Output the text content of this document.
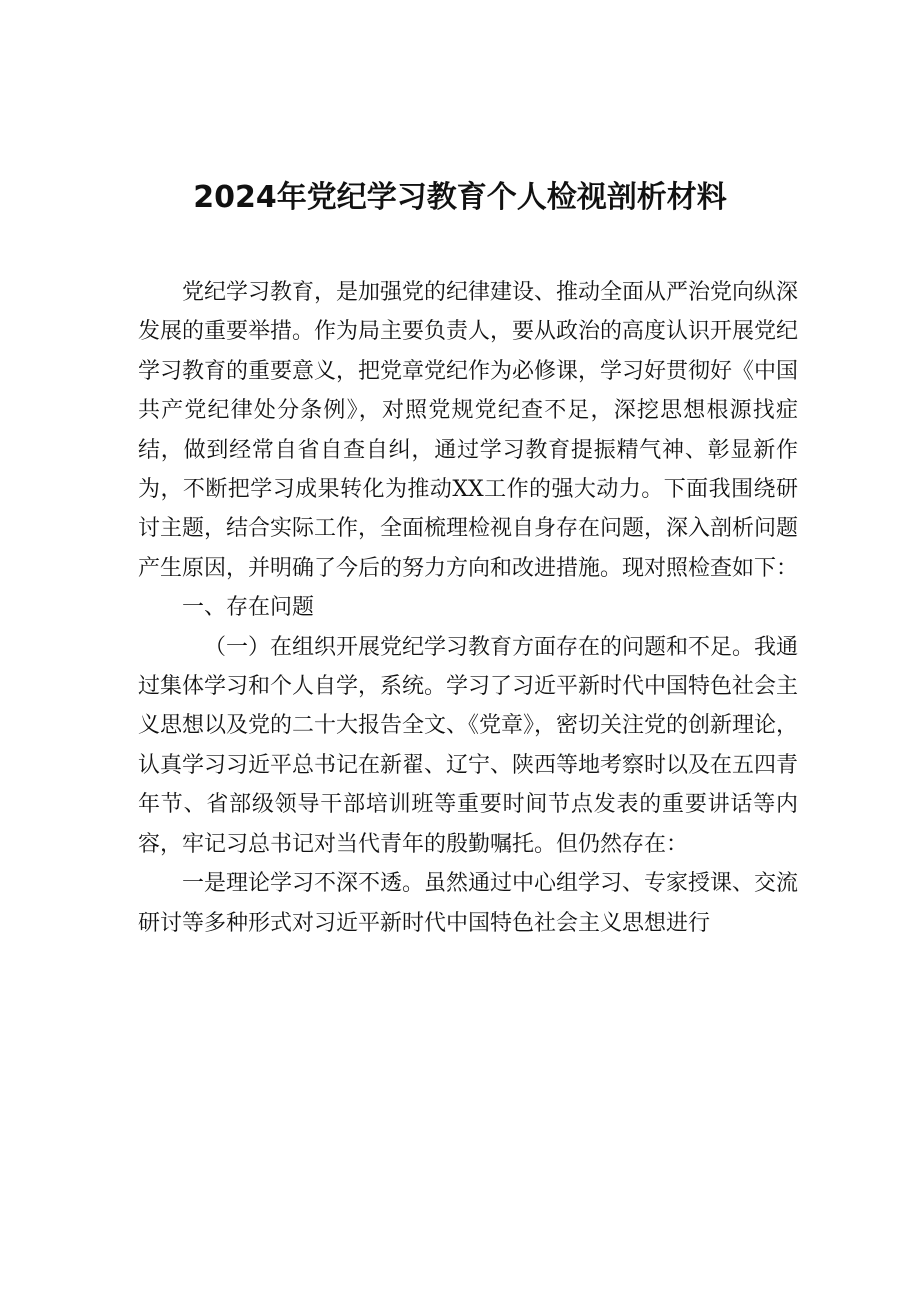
2024年党纪学习教育个人检视剖析材料

党纪学习教育，是加强党的纪律建设、推动全面从严治党向纵深发展的重要举措。作为局主要负责人，要从政治的高度认识开展党纪学习教育的重要意义，把党章党纪作为必修课，学习好贯彻好《中国共产党纪律处分条例》，对照党规党纪查不足，深挖思想根源找症结，做到经常自省自查自纠，通过学习教育提振精气神、彰显新作为，不断把学习成果转化为推动XX工作的强大动力。下面我围绕研讨主题，结合实际工作，全面梳理检视自身存在问题，深入剖析问题产生原因，并明确了今后的努力方向和改进措施。现对照检查如下：

一、存在问题

（一）在组织开展党纪学习教育方面存在的问题和不足。我通过集体学习和个人自学，系统。学习了习近平新时代中国特色社会主义思想以及党的二十大报告全文、《党章》，密切关注党的创新理论，认真学习习近平总书记在新翟、辽宁、陕西等地考察时以及在五四青年节、省部级领导干部培训班等重要时间节点发表的重要讲话等内容，牢记习总书记对当代青年的殷勤嘱托。但仍然存在：

一是理论学习不深不透。虽然通过中心组学习、专家授课、交流研讨等多种形式对习近平新时代中国特色社会主义思想进行
